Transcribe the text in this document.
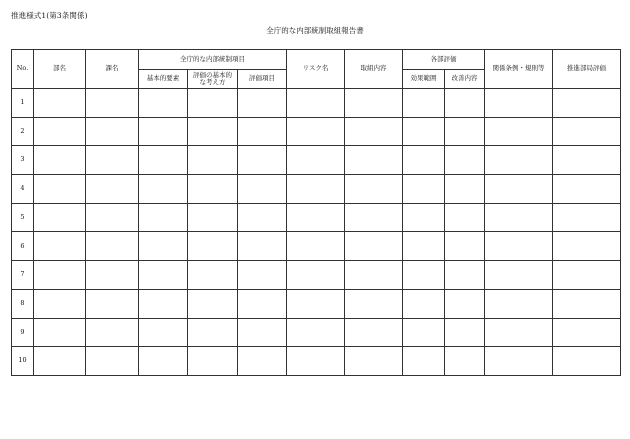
推進様式1(第3条関係)
全庁的な内部統制取組報告書
No.	部名	課名	全庁的な内部統制項目			リスク名	取組内容	各部評価		関係条例・規則等	推進部局評価
			基本的要素	評価の基本的な考え方	評価項目			効果範囲	改善内容		
1											
2											
3											
4											
5											
6											
7											
8											
9											
10											
